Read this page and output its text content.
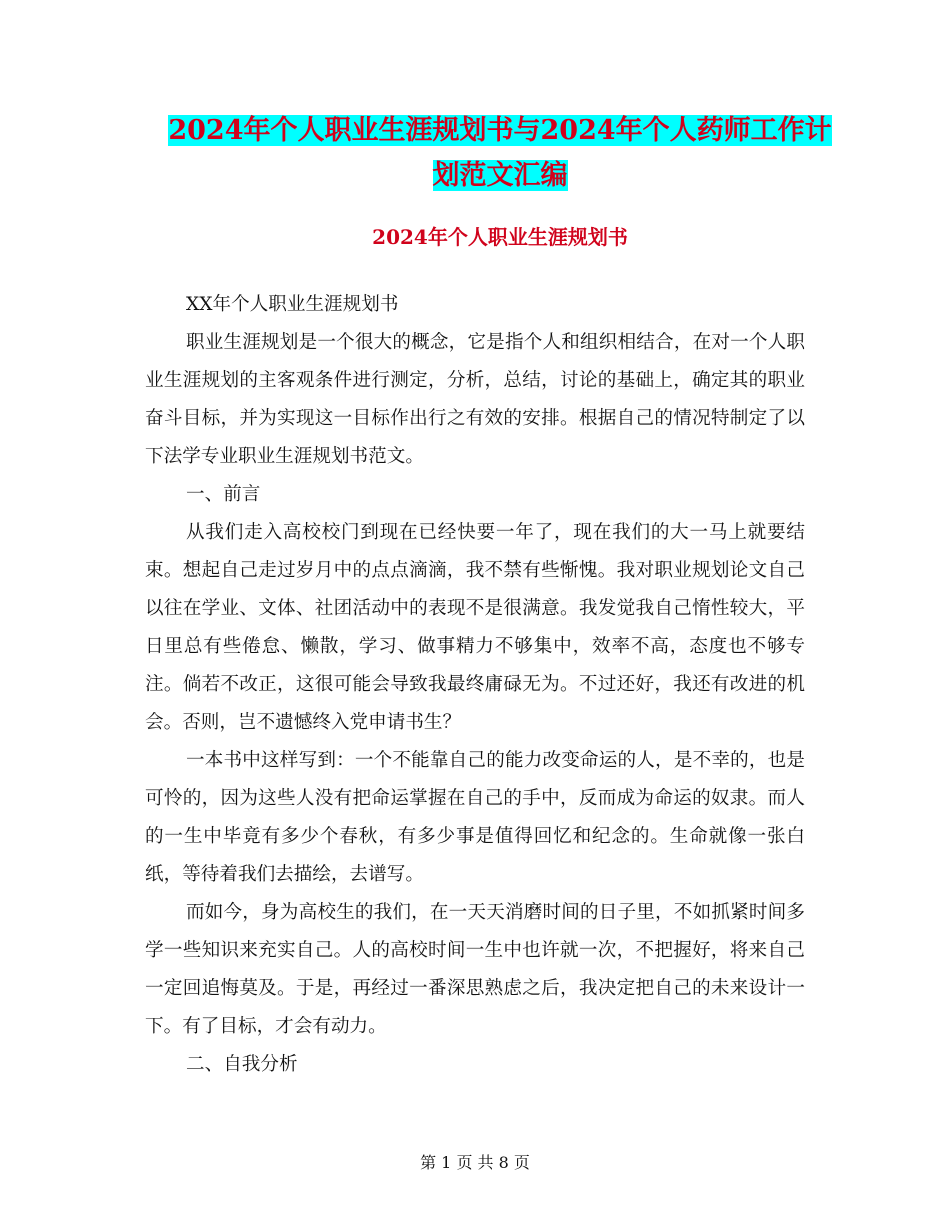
2024年个人职业生涯规划书与2024年个人药师工作计
划范文汇编
2024年个人职业生涯规划书

XX年个人职业生涯规划书

职业生涯规划是一个很大的概念，它是指个人和组织相结合，在对一个人职业生涯规划的主客观条件进行测定，分析，总结，讨论的基础上，确定其的职业奋斗目标，并为实现这一目标作出行之有效的安排。根据自己的情况特制定了以下法学专业职业生涯规划书范文。

一、前言

从我们走入高校校门到现在已经快要一年了，现在我们的大一马上就要结束。想起自己走过岁月中的点点滴滴，我不禁有些惭愧。我对职业规划论文自己以往在学业、文体、社团活动中的表现不是很满意。我发觉我自己惰性较大，平日里总有些倦怠、懒散，学习、做事精力不够集中，效率不高，态度也不够专注。倘若不改正，这很可能会导致我最终庸碌无为。不过还好，我还有改进的机会。否则，岂不遗憾终入党申请书生？

一本书中这样写到：一个不能靠自己的能力改变命运的人，是不幸的，也是可怜的，因为这些人没有把命运掌握在自己的手中，反而成为命运的奴隶。而人的一生中毕竟有多少个春秋，有多少事是值得回忆和纪念的。生命就像一张白纸，等待着我们去描绘，去谱写。

而如今，身为高校生的我们，在一天天消磨时间的日子里，不如抓紧时间多学一些知识来充实自己。人的高校时间一生中也许就一次，不把握好，将来自己一定回追悔莫及。于是，再经过一番深思熟虑之后，我决定把自己的未来设计一下。有了目标，才会有动力。

二、自我分析

第 1 页 共 8 页
